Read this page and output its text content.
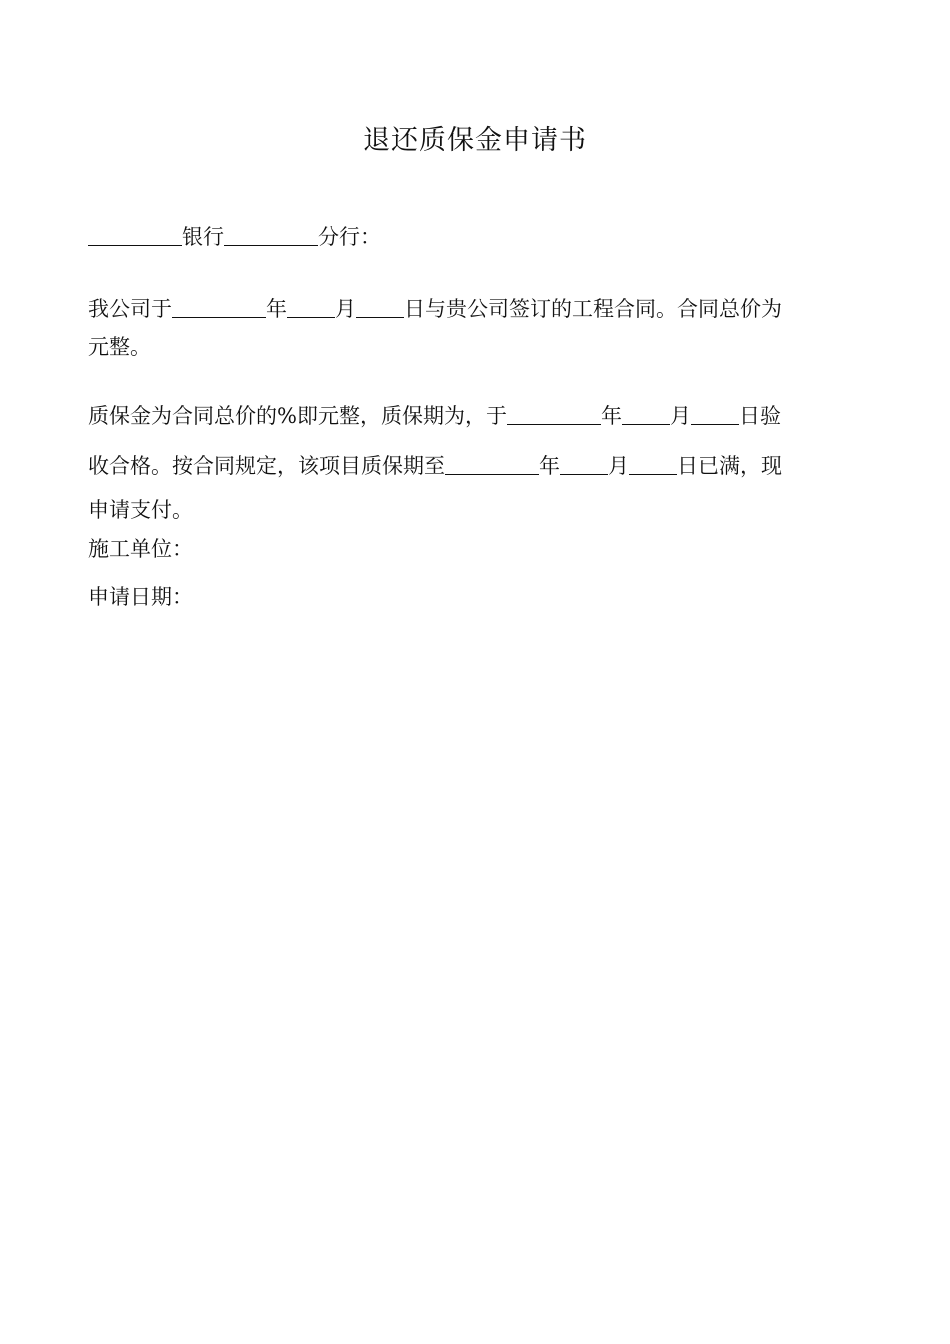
退还质保金申请书

银行	分行：

我公司于	年 月 日与贵公司签订的工程合同。合同总价为
元整。

质保金为合同总价的%即元整，质保期为，于	年 月 日验
收合格。按合同规定，该项目质保期至	年 月 日已满，现
申请支付。

施工单位：

申请日期：
